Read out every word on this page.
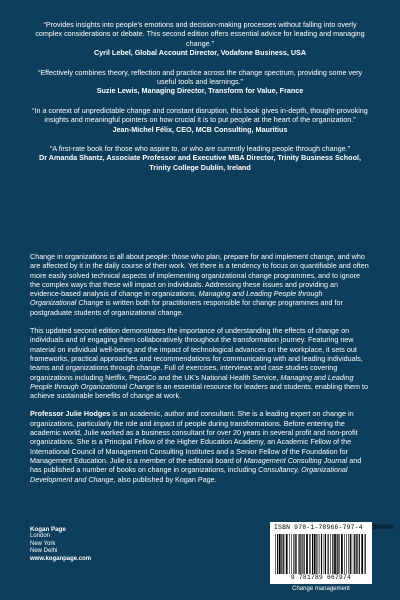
“Provides insights into people’s emotions and decision-making processes without falling into overly complex considerations or debate. This second edition offers essential advice for leading and managing change.”

Cyril Lebel, Global Account Director, Vodafone Business, USA

“Effectively combines theory, reflection and practice across the change spectrum, providing some very useful tools and learnings.”

Suzie Lewis, Managing Director, Transform for Value, France

“In a context of unpredictable change and constant disruption, this book gives in-depth, thought-provoking insights and meaningful pointers on how crucial it is to put people at the heart of the organization.”

Jean-Michel Félix, CEO, MCB Consulting, Mauritius

“A first-rate book for those who aspire to, or who are currently leading people through change.”

Dr Amanda Shantz, Associate Professor and Executive MBA Director, Trinity Business School, Trinity College Dublin, Ireland

Change in organizations is all about people: those who plan, prepare for and implement change, and who are affected by it in the daily course of their work. Yet there is a tendency to focus on quantifiable and often more easily solved technical aspects of implementing organizational change programmes, and to ignore the complex ways that these will impact on individuals. Addressing these issues and providing an evidence-based analysis of change in organizations, Managing and Leading People through Organizational Change is written both for practitioners responsible for change programmes and for postgraduate students of organizational change.

This updated second edition demonstrates the importance of understanding the effects of change on individuals and of engaging them collaboratively throughout the transformation journey. Featuring new material on individual well-being and the impact of technological advances on the workplace, it sets out frameworks, practical approaches and recommendations for communicating with and leading individuals, teams and organizations through change. Full of exercises, interviews and case studies covering organizations including Netflix, PepsiCo and the UK’s National Health Service, Managing and Leading People through Organizational Change is an essential resource for leaders and students, enabling them to achieve sustainable benefits of change at work.

Professor Julie Hodges is an academic, author and consultant. She is a leading expert on change in organizations, particularly the role and impact of people during transformations. Before entering the academic world, Julie worked as a business consultant for over 20 years in several profit and non-profit organizations. She is a Principal Fellow of the Higher Education Academy, an Academic Fellow of the International Council of Management Consulting Institutes and a Senior Fellow of the Foundation for Management Education. Julie is a member of the editorial board of Management Consulting Journal and has published a number of books on change in organizations, including Consultancy, Organizational Development and Change, also published by Kogan Page.

Kogan Page
London
New York
New Delhi
www.koganpage.com
ISBN 978-1-78966-797-4 90000
9 781789 667974
Change management
